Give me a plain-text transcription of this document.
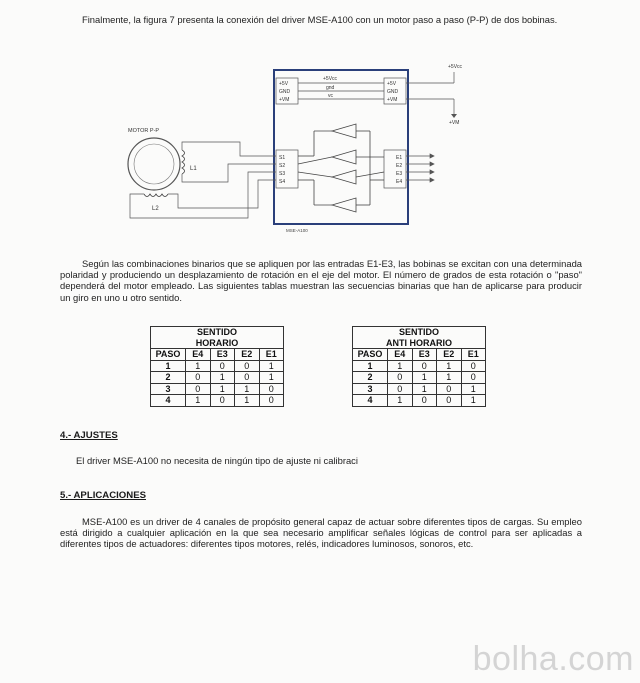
Finalmente, la figura 7 presenta la conexión del driver MSE-A100 con un motor paso a paso (P-P) de dos bobinas.

+5V
GND
+VM
+5V
GND
+VM
+5Vcc
gnd
vc
+5Vcc
+VM
S1
S2
S3
S4
E1
E2
E3
E4
MSE-A100
MOTOR P-P
L1
L2

Según las combinaciones binarios que se apliquen por las entradas E1-E3, las bobinas se excitan con una determinada polaridad y produciendo un desplazamiento de rotación en el eje del motor. El número de grados de esta rotación o "paso" dependerá del motor empleado. Las siguientes tablas muestran las secuencias binarias que han de aplicarse para producir un giro en uno u otro sentido.

SENTIDO				
HORARIO				
PASO	E4	E3	E2	E1
1	1	0	0	1
2	0	1	0	1
3	0	1	1	0
4	1	0	1	0
SENTIDO				
ANTI HORARIO				
PASO	E4	E3	E2	E1
1	1	0	1	0
2	0	1	1	0
3	0	1	0	1
4	1	0	0	1
4.- AJUSTES
El driver MSE-A100 no necesita de ningún tipo de ajuste ni calibraci
5.- APLICACIONES

MSE-A100 es un driver de 4 canales de propósito general capaz de actuar sobre diferentes tipos de cargas. Su empleo está dirigido a cualquier aplicación en la que sea necesario amplificar señales lógicas de control para ser aplicadas a diferentes tipos de actuadores: diferentes tipos motores, relés, indicadores luminosos, sonoros, etc.

bolha.com
